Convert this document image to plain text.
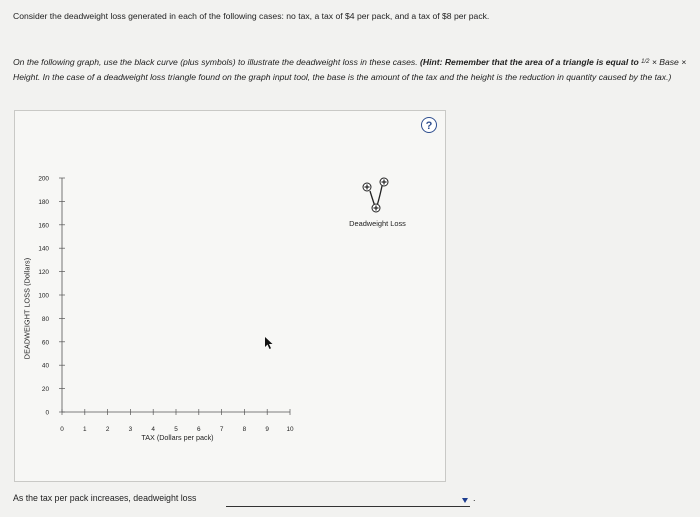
Consider the deadweight loss generated in each of the following cases: no tax, a tax of $4 per pack, and a tax of $8 per pack.
On the following graph, use the black curve (plus symbols) to illustrate the deadweight loss in these cases. (Hint: Remember that the area of a triangle is equal to $^{1/2}$ × Base × Height. In the case of a deadweight loss triangle found on the graph input tool, the base is the amount of the tax and the height is the reduction in quantity caused by the tax.)
?
0
20
40
60
80
100
120
140
160
180
200
0	1	2	3	4	5	6	7	8	9	10
Deadweight Loss
DEADWEIGHT LOSS (Dollars)
TAX (Dollars per pack)
As the tax per pack increases, deadweight loss	.
